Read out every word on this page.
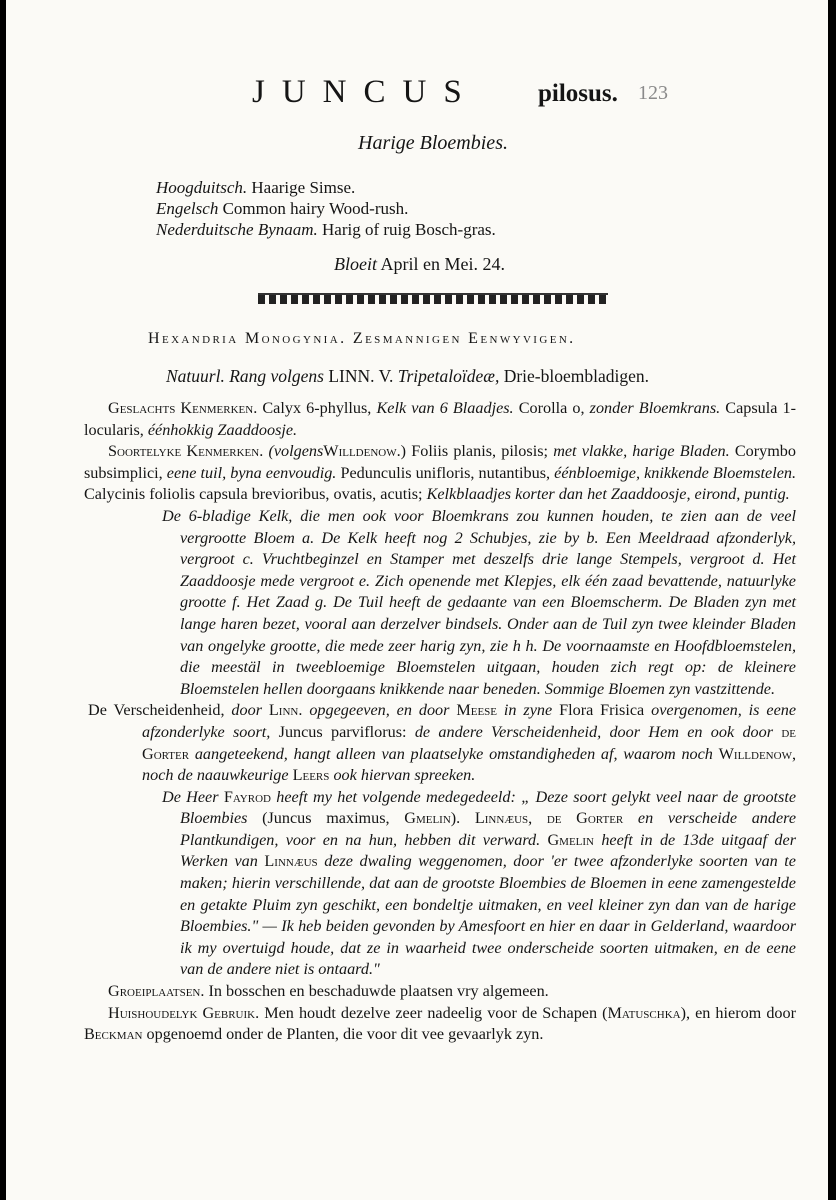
JUNCUS pilosus. 123
Harige Bloembies.
Hoogduitsch. Haarige Simse.
Engelsch Common hairy Wood-rush.
Nederduitsche Bynaam. Harig of ruig Bosch-gras.
Bloeit April en Mei. 24.
Hexandria Monogynia. Zesmannigen Eenwyvigen.
Natuurl. Rang volgens LINN. V. Tripetaloïdeæ, Drie-bloembladigen.

Geslachts Kenmerken. Calyx 6-phyllus, Kelk van 6 Blaadjes. Corolla o, zonder Bloemkrans. Capsula 1-locularis, éénhokkig Zaaddoosje.

Soortelyke Kenmerken. (volgensWilldenow.) Foliis planis, pilosis; met vlakke, harige Bladen. Corymbo subsimplici, eene tuil, byna eenvoudig. Pedunculis unifloris, nutantibus, éénbloemige, knikkende Bloemstelen. Calycinis foliolis capsula brevioribus, ovatis, acutis; Kelkblaadjes korter dan het Zaaddoosje, eirond, puntig.

De 6-bladige Kelk, die men ook voor Bloemkrans zou kunnen houden, te zien aan de veel vergrootte Bloem a. De Kelk heeft nog 2 Schubjes, zie by b. Een Meeldraad afzonderlyk, vergroot c. Vruchtbeginzel en Stamper met deszelfs drie lange Stempels, vergroot d. Het Zaaddoosje mede vergroot e. Zich openende met Klepjes, elk één zaad bevattende, natuurlyke grootte f. Het Zaad g. De Tuil heeft de gedaante van een Bloemscherm. De Bladen zyn met lange haren bezet, vooral aan derzelver bindsels. Onder aan de Tuil zyn twee kleinder Bladen van ongelyke grootte, die mede zeer harig zyn, zie h h. De voornaamste en Hoofdbloemstelen, die meestäl in tweebloemige Bloemstelen uitgaan, houden zich regt op: de kleinere Bloemstelen hellen doorgaans knikkende naar beneden. Sommige Bloemen zyn vastzittende.

De Verscheidenheid, door Linn. opgegeeven, en door Meese in zyne Flora Frisica overgenomen, is eene afzonderlyke soort, Juncus parviflorus: de andere Verscheidenheid, door Hem en ook door de Gorter aangeteekend, hangt alleen van plaatselyke omstandigheden af, waarom noch Willdenow, noch de naauwkeurige Leers ook hiervan spreeken.

De Heer Fayrod heeft my het volgende medegedeeld: „ Deze soort gelykt veel naar de grootste Bloembies (Juncus maximus, Gmelin). Linnæus, de Gorter en verscheide andere Plantkundigen, voor en na hun, hebben dit verward. Gmelin heeft in de 13de uitgaaf der Werken van Linnæus deze dwaling weggenomen, door 'er twee afzonderlyke soorten van te maken; hierin verschillende, dat aan de grootste Bloembies de Bloemen in eene zamengestelde en getakte Pluim zyn geschikt, een bondeltje uitmaken, en veel kleiner zyn dan van de harige Bloembies." — Ik heb beiden gevonden by Amesfoort en hier en daar in Gelderland, waardoor ik my overtuigd houde, dat ze in waarheid twee onderscheide soorten uitmaken, en de eene van de andere niet is ontaard."

Groeiplaatsen. In bosschen en beschaduwde plaatsen vry algemeen.

Huishoudelyk Gebruik. Men houdt dezelve zeer nadeelig voor de Schapen (Matuschka), en hierom door Beckman opgenoemd onder de Planten, die voor dit vee gevaarlyk zyn.
